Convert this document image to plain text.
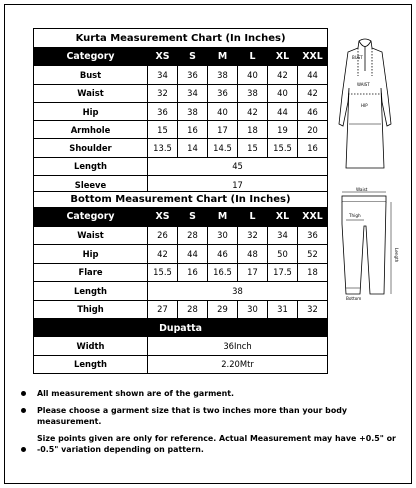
Kurta Measurement Chart (In Inches)						
Category	XS	S	M	L	XL	XXL
Bust	34	36	38	40	42	44
Waist	32	34	36	38	40	42
Hip	36	38	40	42	44	46
Armhole	15	16	17	18	19	20
Shoulder	13.5	14	14.5	15	15.5	16
Length	45					
Sleeve	17					
BUST
WAIST
HIP
Bottom Measurement Chart (In Inches)						
Category	XS	S	M	L	XL	XXL
Waist	26	28	30	32	34	36
Hip	42	44	46	48	50	52
Flare	15.5	16	16.5	17	17.5	18
Length	38					
Thigh	27	28	29	30	31	32
Waist
Thigh
Length
Bottom
Dupatta	
Width	36Inch
Length	2.20Mtr
All measurement shown are of the garment.
Please choose a garment size that is two inches more than your body measurement.
Size points given are only for reference. Actual Measurement may have +0.5" or -0.5" variation depending on pattern.
